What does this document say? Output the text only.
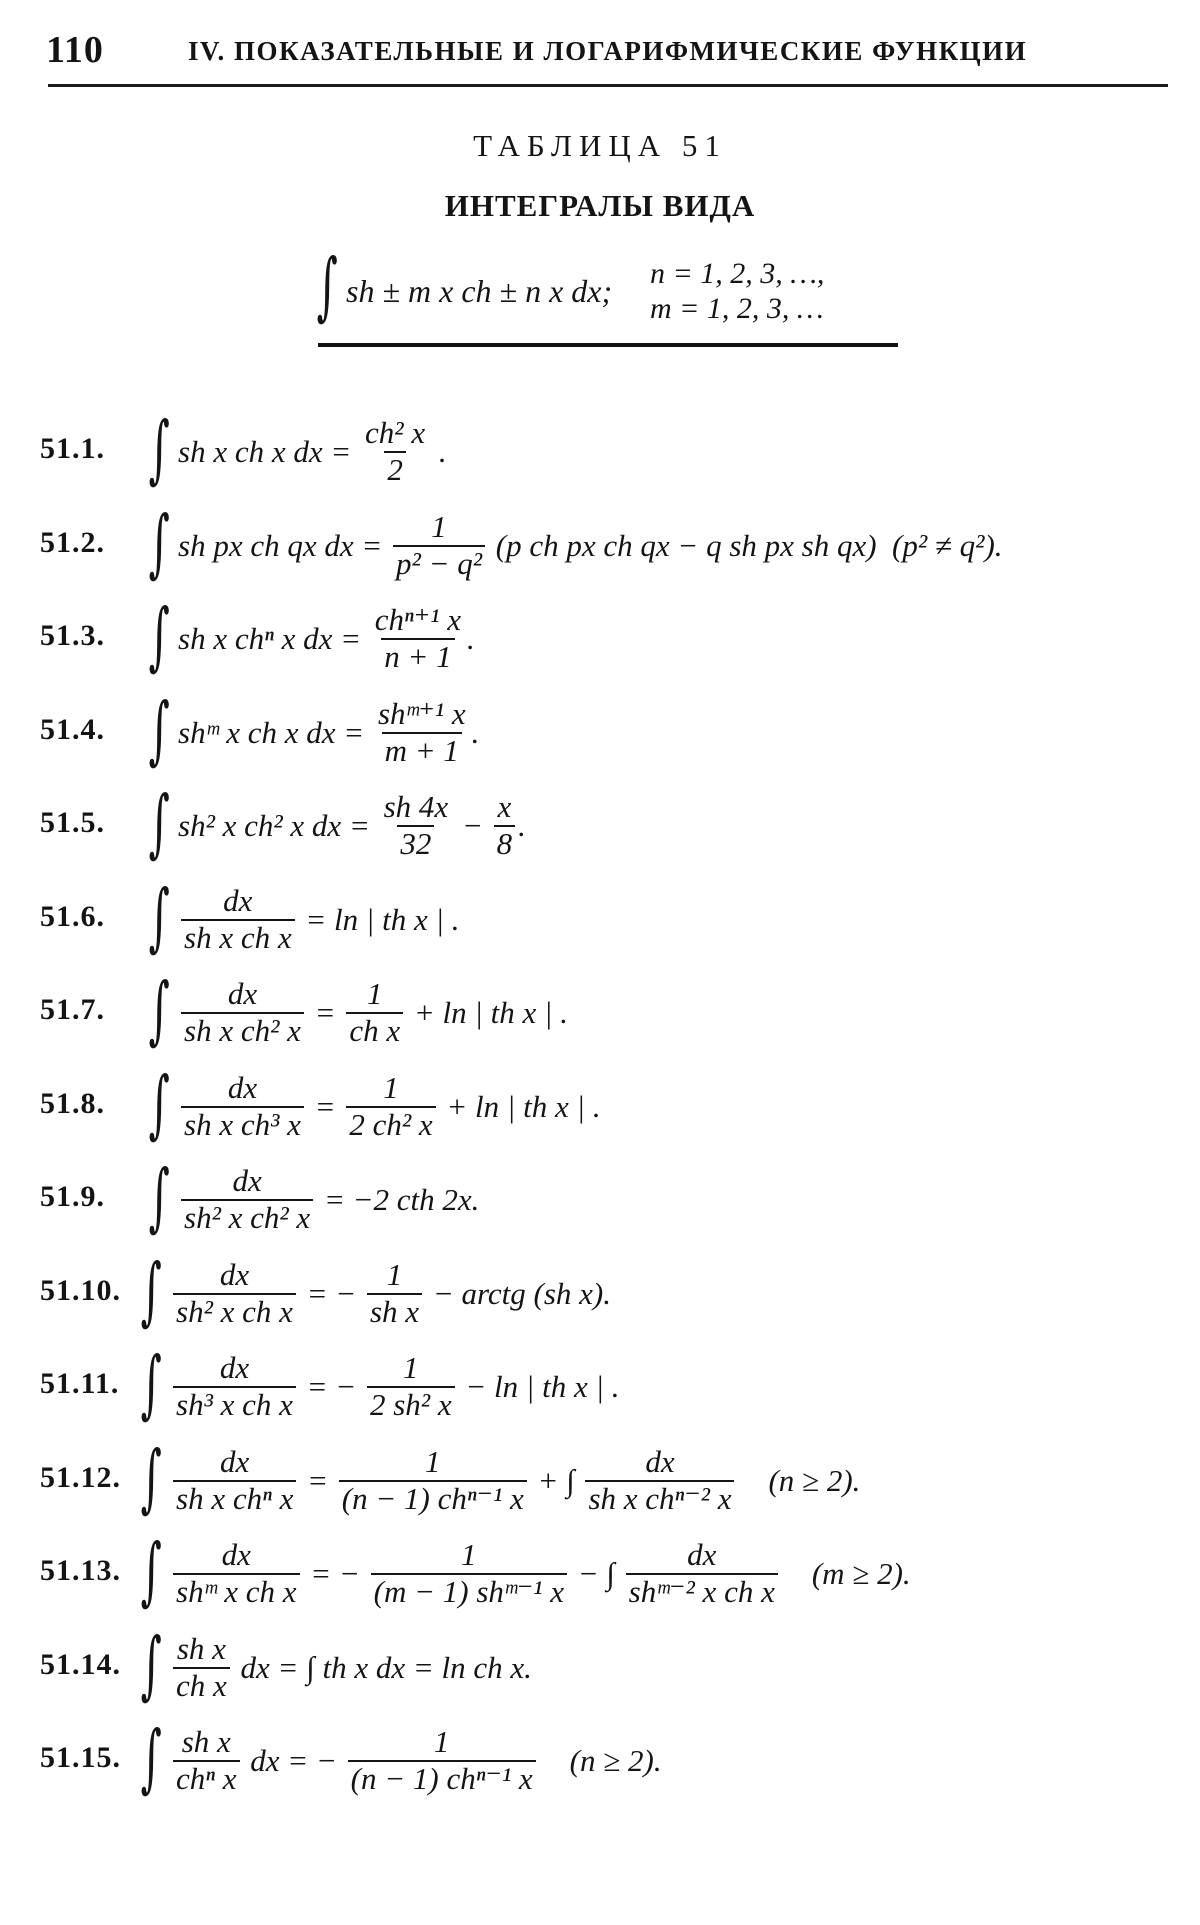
110	IV. ПОКАЗАТЕЛЬНЫЕ И ЛОГАРИФМИЧЕСКИЕ ФУНКЦИИ
ТАБЛИЦА 51
ИНТЕГРАЛЫ ВИДА
∫ sh ± m x ch ± n x dx; n = 1, 2, 3, …,
m = 1, 2, 3, …
51.1. ∫ sh x ch x dx = $\frac{\text{ch² x}}{2}$ .
51.2. ∫ sh px ch qx dx = $\frac{1}{\text{p² − q²}} (p$ ch px ch qx − q sh px sh qx)  (p² ≠ q²).
51.3. ∫ sh x chⁿ x dx = $\frac{\text{chⁿ⁺¹ x}}{n + 1}$ .
51.4. ∫ shᵐ x ch x dx = $\frac{\text{shᵐ⁺¹ x}}{m + 1}$ .
51.5. ∫ sh² x ch² x dx = $\frac{sh 4x}{32} - \frac{x}{8}$ .
51.6. ∫ $\frac{dx}{\text{sh x ch x}} = \ln$ | th x | .
51.7. ∫ $\frac{dx}{\text{sh x ch² x}} = \frac{1}{\text{ch x}} + \ln$ | th x | .
51.8. ∫ $\frac{dx}{\text{sh x ch³ x}} = \frac{1}{\text{2 ch² x}} + \ln$ | th x | .
51.9. ∫ $\frac{dx}{\text{sh² x ch² x}} = -2$ cth 2x.
51.10. ∫ $\frac{dx}{\text{sh² x ch x}}$ = − $\frac{1}{\text{sh x}}$ − arctg (sh x).
51.11. ∫ $\frac{dx}{\text{sh³ x ch x}}$ = − $\frac{1}{\text{2 sh² x}} - \ln$ | th x | .
51.12. ∫ $\frac{dx}{\text{sh x chⁿ x}} = \frac{1}{\text{(n − 1) chⁿ⁻¹ x}}$ + ∫ $\frac{dx}{\text{sh x chⁿ⁻² x}} (n \ge 2)$.
51.13. ∫ $\frac{dx}{\text{shᵐ x ch x}}$ = − $\frac{1}{\text{(m − 1) shᵐ⁻¹ x}}$ − ∫ $\frac{dx}{\text{shᵐ⁻² x ch x}} (m \ge 2)$.
51.14. ∫ $\frac{\text{sh x}}{\text{ch x}}$ dx = ∫ th x dx = ln ch x.
51.15. ∫ $\frac{\text{sh x}}{\text{chⁿ x}}$ dx = − $\frac{1}{\text{(n − 1) chⁿ⁻¹ x}} (n \ge 2)$.
